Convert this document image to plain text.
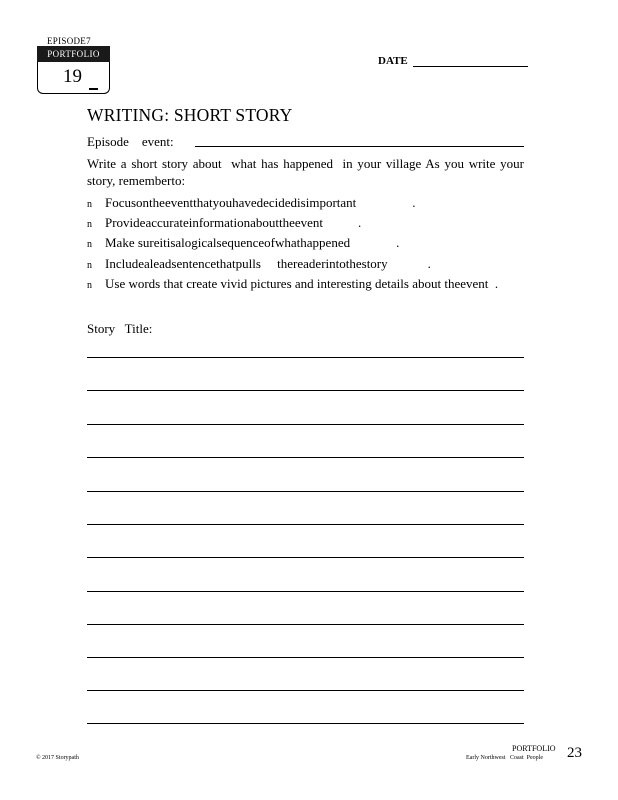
EPISODE7
PORTFOLIO
19
DATE
WRITING: SHORT STORY
Episode    event:
Write a short story about  what has happened  in your village As you write your story, rememberto:
n Focusontheeventthatyouhavedecidedisimportant	.
n Provideaccurateinformationabouttheevent	.
n Make sureitisalogicalsequenceofwhathappened	.
n Includealeadsentencethatpulls     thereaderintothestory	.
n Use words that create vivid pictures and interesting details about theevent .
Story   Title:
© 2017 Storypath
PORTFOLIO
Early Northwest   Coast  People 23
